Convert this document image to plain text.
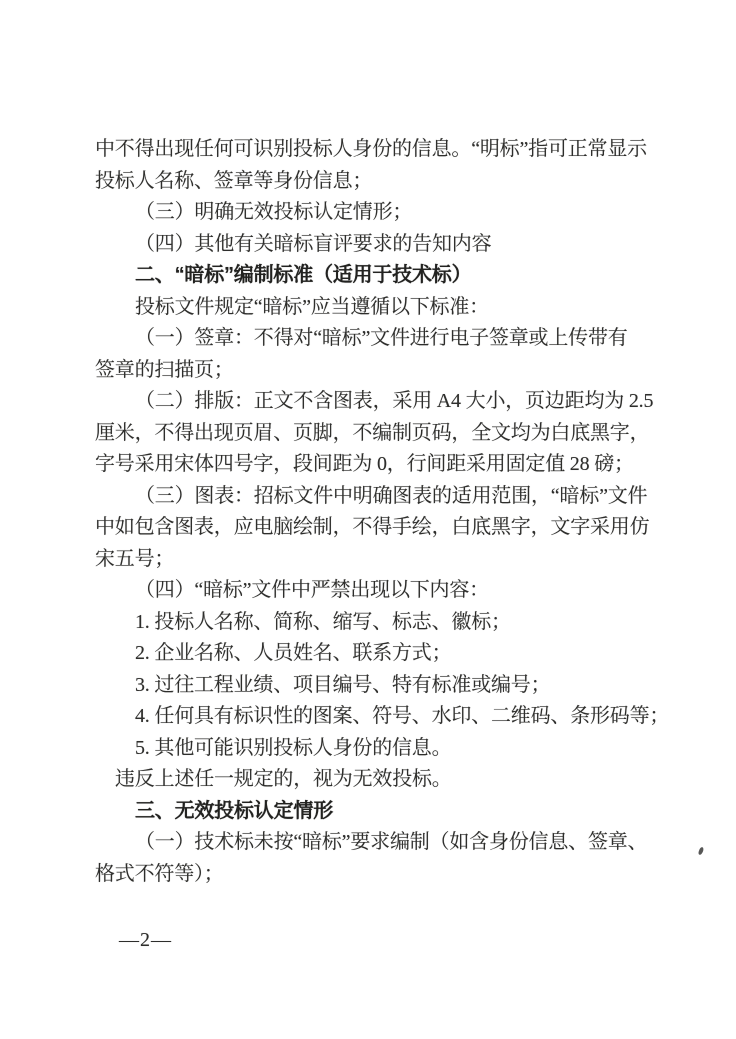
中不得出现任何可识别投标人身份的信息。“明标”指可正常显示
投标人名称、签章等身份信息；
（三）明确无效投标认定情形；
（四）其他有关暗标盲评要求的告知内容
二、“暗标”编制标准（适用于技术标）
投标文件规定“暗标”应当遵循以下标准：
（一）签章：不得对“暗标”文件进行电子签章或上传带有
签章的扫描页；
（二）排版：正文不含图表，采用 A4 大小，页边距均为 2.5
厘米，不得出现页眉、页脚，不编制页码，全文均为白底黑字，
字号采用宋体四号字，段间距为 0，行间距采用固定值 28 磅；
（三）图表：招标文件中明确图表的适用范围，“暗标”文件
中如包含图表，应电脑绘制，不得手绘，白底黑字，文字采用仿
宋五号；
（四）“暗标”文件中严禁出现以下内容：
1. 投标人名称、简称、缩写、标志、徽标；
2. 企业名称、人员姓名、联系方式；
3. 过往工程业绩、项目编号、特有标准或编号；
4. 任何具有标识性的图案、符号、水印、二维码、条形码等；
5. 其他可能识别投标人身份的信息。
违反上述任一规定的，视为无效投标。
三、无效投标认定情形
（一）技术标未按“暗标”要求编制（如含身份信息、签章、
格式不符等）；
—2—
